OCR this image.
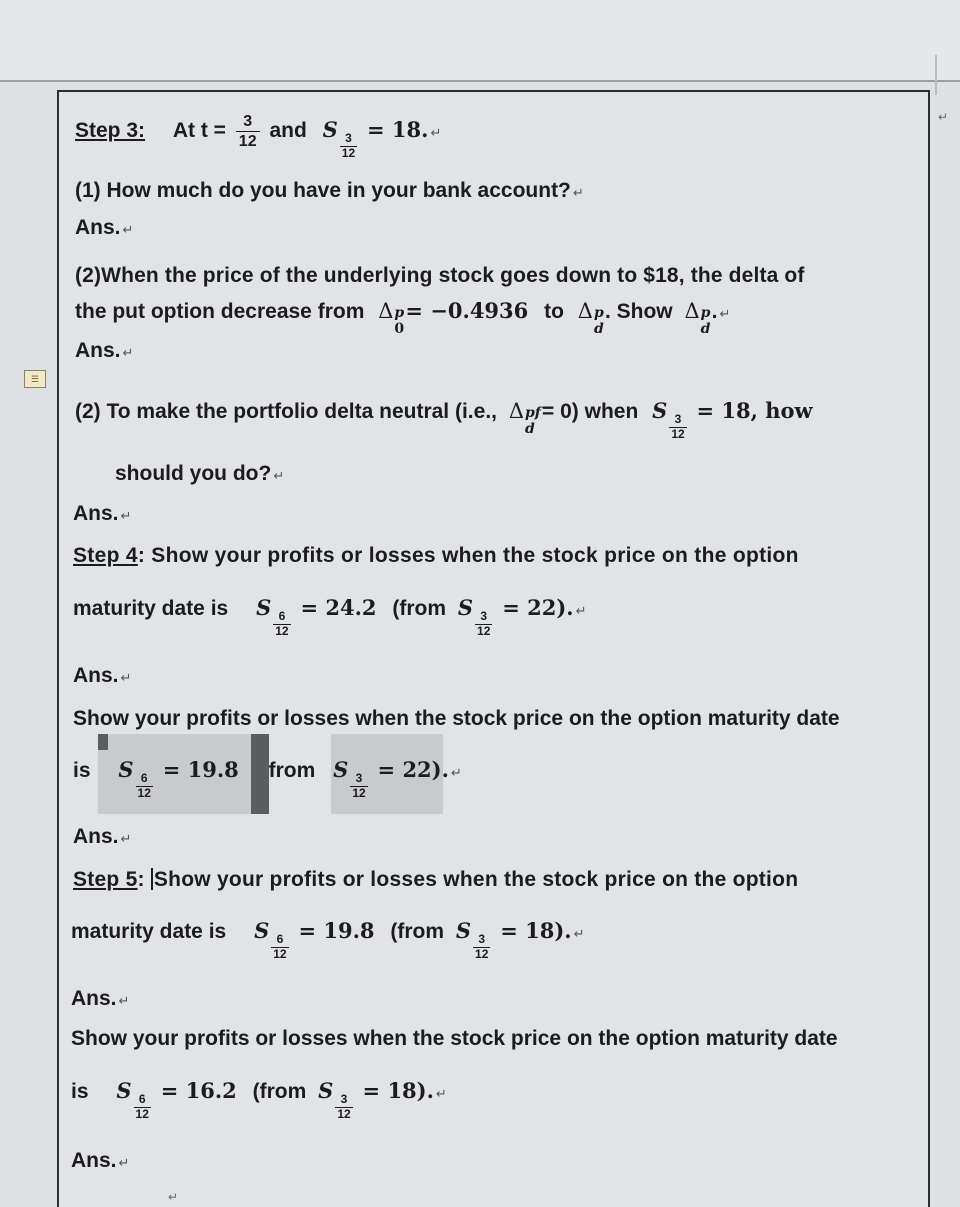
↵
☰
Step 3: At $t = \frac{3}{12}$ and S
$\frac{3}{12}$
= 18. ↵
(1) How much do you have in your bank account? ↵
Ans. ↵
(2)When the price of the underlying stock goes down to $18, the delta of
the put option decrease from Δ p
0
= −0.4936 to Δ p
d
. Show Δ p
d
. ↵
Ans. ↵
(2) To make the portfolio delta neutral (i.e., Δ pf
d
= 0) when S
$\frac{3}{12}$
= 18, how
should you do? ↵
Ans. ↵
Step 4: Show your profits or losses when the stock price on the option
maturity date is S
$\frac{6}{12}$
= 24.2 (from S
$\frac{3}{12}$
= 22). ↵
Ans. ↵
Show your profits or losses when the stock price on the option maturity date
is S
$\frac{6}{12}$
= 19.8 from S
$\frac{3}{12}$
= 22). ↵
Ans. ↵
Step 5: Show your profits or losses when the stock price on the option
maturity date is S
$\frac{6}{12}$
= 19.8 (from S
$\frac{3}{12}$
= 18). ↵
Ans. ↵
Show your profits or losses when the stock price on the option maturity date
is S
$\frac{6}{12}$
= 16.2 (from S
$\frac{3}{12}$
= 18). ↵
Ans. ↵
↵
